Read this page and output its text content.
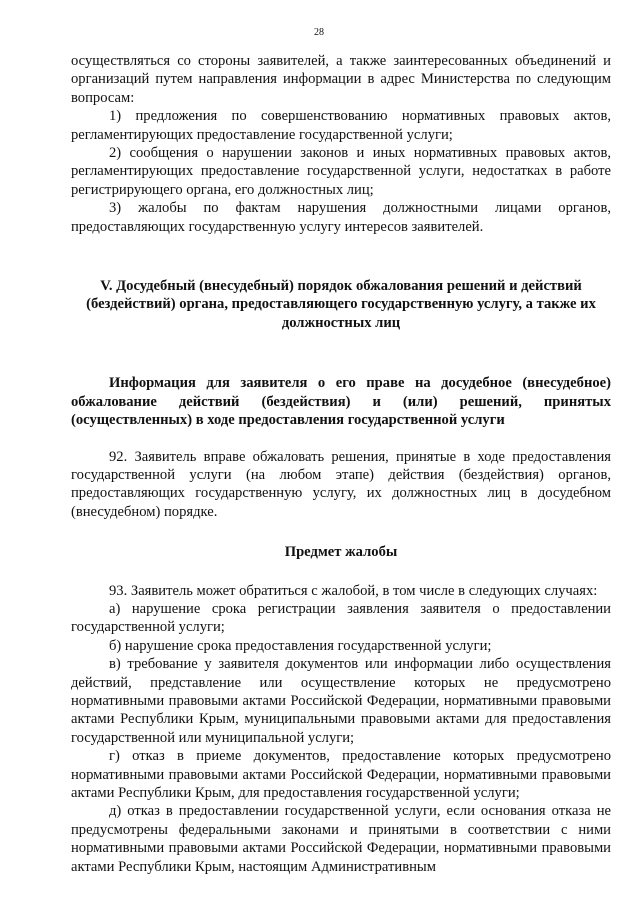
28

осуществляться со стороны заявителей, а также заинтересованных объединений и организаций путем направления информации в адрес Министерства по следующим вопросам:

1) предложения по совершенствованию нормативных правовых актов, регламентирующих предоставление государственной услуги;

2) сообщения о нарушении законов и иных нормативных правовых актов, регламентирующих предоставление государственной услуги, недостатках в работе регистрирующего органа, его должностных лиц;

3) жалобы по фактам нарушения должностными лицами органов, предоставляющих государственную услугу интересов заявителей.

V. Досудебный (внесудебный) порядок обжалования решений и действий (бездействий) органа, предоставляющего государственную услугу, а также их должностных лиц

Информация для заявителя о его праве на досудебное (внесудебное) обжалование действий (бездействия) и (или) решений, принятых (осуществленных) в ходе предоставления государственной услуги

92. Заявитель вправе обжаловать решения, принятые в ходе предоставления государственной услуги (на любом этапе) действия (бездействия) органов, предоставляющих государственную услугу, их должностных лиц в досудебном (внесудебном) порядке.

Предмет жалобы

93. Заявитель может обратиться с жалобой, в том числе в следующих случаях:

а) нарушение срока регистрации заявления заявителя о предоставлении государственной услуги;

б) нарушение срока предоставления государственной услуги;

в) требование у заявителя документов или информации либо осуществления действий, представление или осуществление которых не предусмотрено нормативными правовыми актами Российской Федерации, нормативными правовыми актами Республики Крым, муниципальными правовыми актами для предоставления государственной или муниципальной услуги;

г) отказ в приеме документов, предоставление которых предусмотрено нормативными правовыми актами Российской Федерации, нормативными правовыми актами Республики Крым, для предоставления государственной услуги;

д) отказ в предоставлении государственной услуги, если основания отказа не предусмотрены федеральными законами и принятыми в соответствии с ними нормативными правовыми актами Российской Федерации, нормативными правовыми актами Республики Крым, настоящим Административным
